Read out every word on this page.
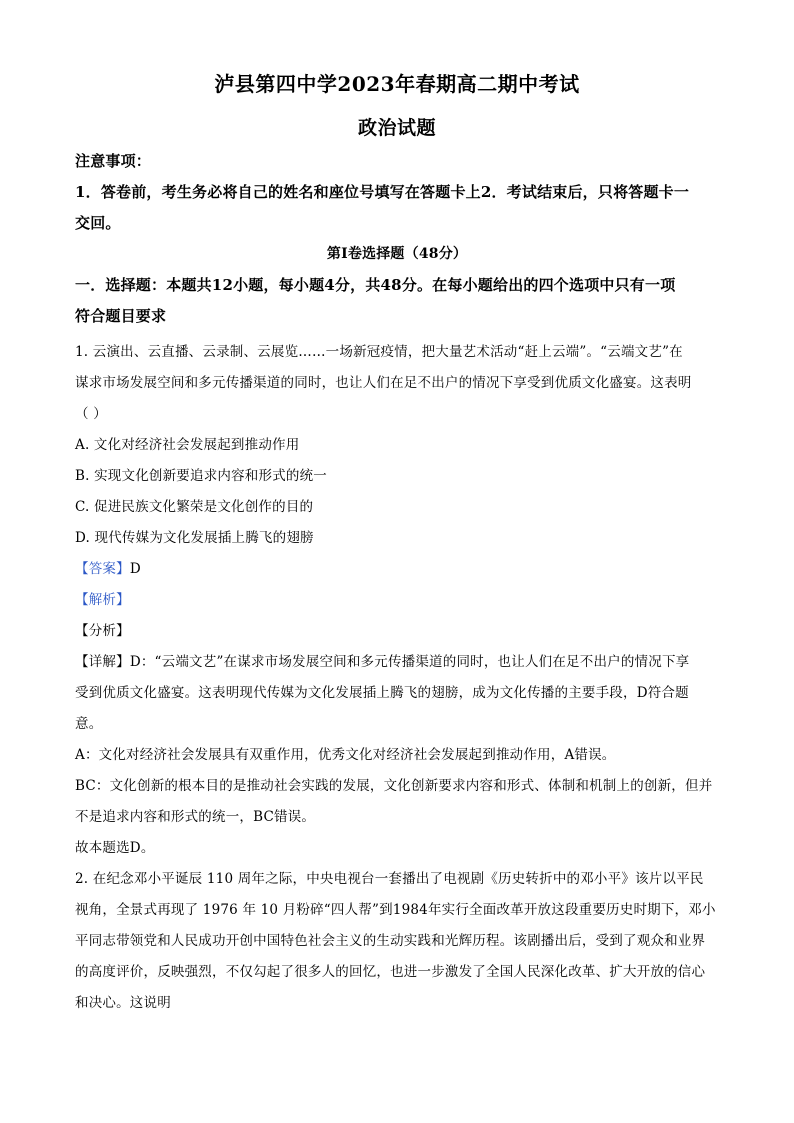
泸县第四中学2023年春期高二期中考试
政治试题
注意事项：
1．答卷前，考生务必将自己的姓名和座位号填写在答题卡上2．考试结束后，只将答题卡一
交回。
第I卷选择题（48分）
一．选择题：本题共12小题，每小题4分，共48分。在每小题给出的四个选项中只有一项
符合题目要求
1. 云演出、云直播、云录制、云展览……一场新冠疫情，把大量艺术活动“赶上云端”。“云端文艺”在
谋求市场发展空间和多元传播渠道的同时，也让人们在足不出户的情况下享受到优质文化盛宴。这表明
（ ）
A. 文化对经济社会发展起到推动作用
B. 实现文化创新要追求内容和形式的统一
C. 促进民族文化繁荣是文化创作的目的
D. 现代传媒为文化发展插上腾飞的翅膀
【答案】D
【解析】
【分析】
【详解】D：“云端文艺”在谋求市场发展空间和多元传播渠道的同时，也让人们在足不出户的情况下享
受到优质文化盛宴。这表明现代传媒为文化发展插上腾飞的翅膀，成为文化传播的主要手段，D符合题
意。
A：文化对经济社会发展具有双重作用，优秀文化对经济社会发展起到推动作用，A错误。
BC：文化创新的根本目的是推动社会实践的发展，文化创新要求内容和形式、体制和机制上的创新，但并
不是追求内容和形式的统一，BC错误。
故本题选D。
2. 在纪念邓小平诞辰 110 周年之际，中央电视台一套播出了电视剧《历史转折中的邓小平》该片以平民
视角，全景式再现了 1976 年 10 月粉碎“四人帮”到1984年实行全面改革开放这段重要历史时期下，邓小
平同志带领党和人民成功开创中国特色社会主义的生动实践和光辉历程。该剧播出后，受到了观众和业界
的高度评价，反映强烈，不仅勾起了很多人的回忆，也进一步激发了全国人民深化改革、扩大开放的信心
和决心。这说明
